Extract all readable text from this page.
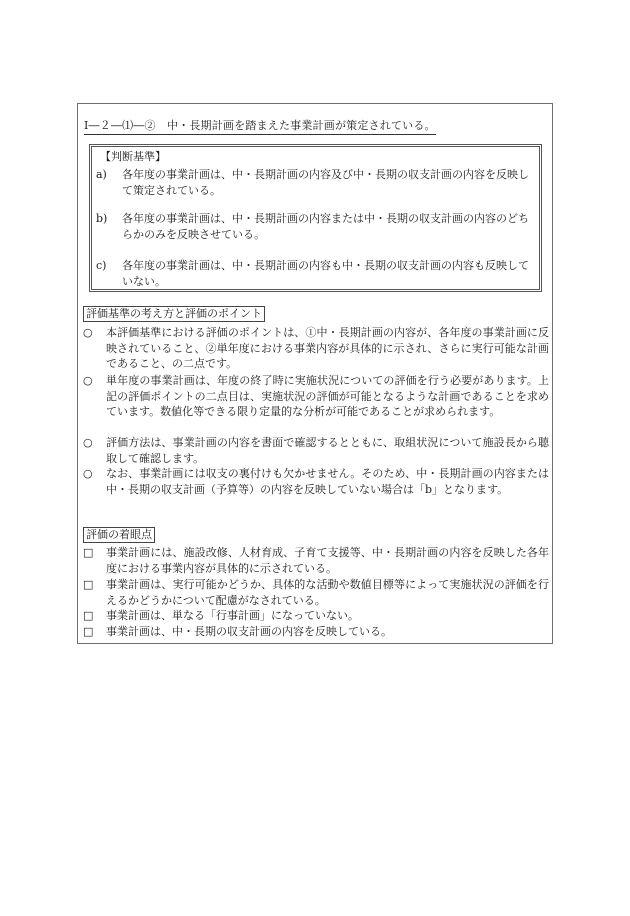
Ⅰ―２―⑴―②　中・長期計画を踏まえた事業計画が策定されている。
【判断基準】
a) 各年度の事業計画は、中・長期計画の内容及び中・長期の収支計画の内容を反映して策定されている。
b) 各年度の事業計画は、中・長期計画の内容または中・長期の収支計画の内容のどちらかのみを反映させている。
c) 各年度の事業計画は、中・長期計画の内容も中・長期の収支計画の内容も反映していない。
評価基準の考え方と評価のポイント
○ 本評価基準における評価のポイントは、①中・長期計画の内容が、各年度の事業計画に反映されていること、②単年度における事業内容が具体的に示され、さらに実行可能な計画であること、の二点です。
○ 単年度の事業計画は、年度の終了時に実施状況についての評価を行う必要があります。上記の評価ポイントの二点目は、実施状況の評価が可能となるような計画であることを求めています。数値化等できる限り定量的な分析が可能であることが求められます。
○ 評価方法は、事業計画の内容を書面で確認するとともに、取組状況について施設長から聴取して確認します。
○ なお、事業計画には収支の裏付けも欠かせません。そのため、中・長期計画の内容または中・長期の収支計画（予算等）の内容を反映していない場合は「b」となります。
評価の着眼点
□ 事業計画には、施設改修、人材育成、子育て支援等、中・長期計画の内容を反映した各年度における事業内容が具体的に示されている。
□ 事業計画は、実行可能かどうか、具体的な活動や数値目標等によって実施状況の評価を行えるかどうかについて配慮がなされている。
□ 事業計画は、単なる「行事計画」になっていない。
□ 事業計画は、中・長期の収支計画の内容を反映している。
